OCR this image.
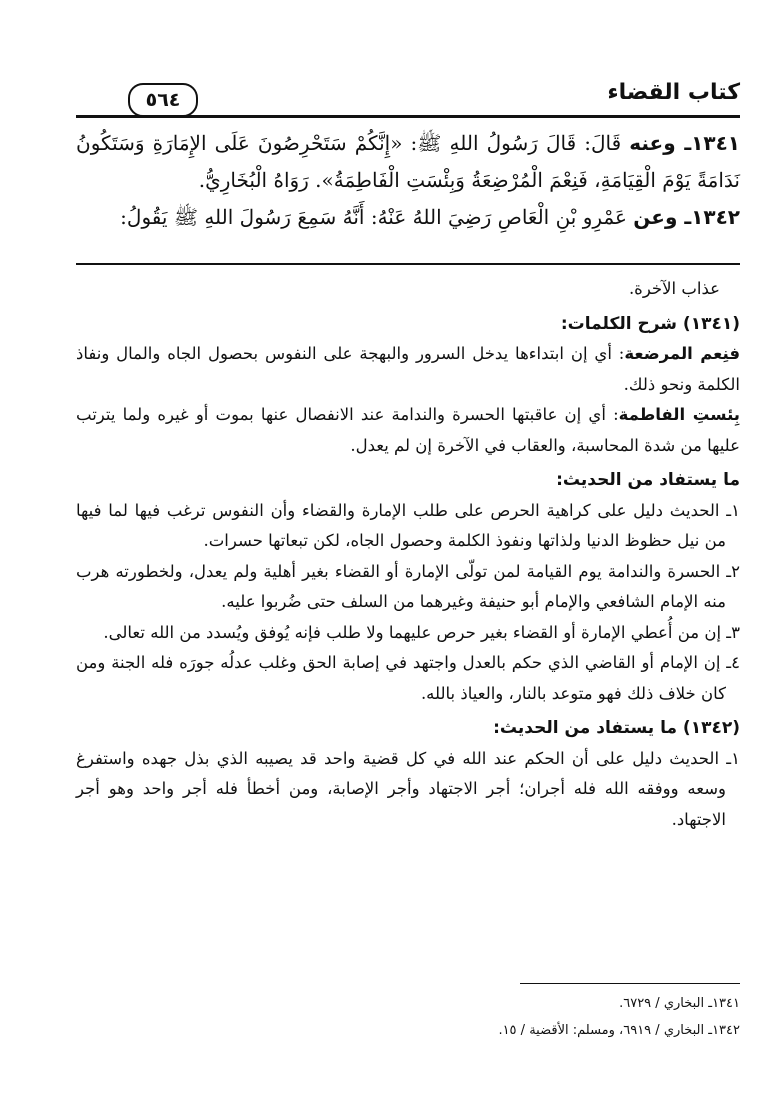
كتاب القضاء
٥٦٤

١٣٤١ـ وعنه قَالَ: قَالَ رَسُولُ اللهِ ﷺ: «إِنَّكُمْ سَتَحْرِصُونَ عَلَى الإِمَارَةِ وَسَتَكُونُ نَدَامَةً يَوْمَ الْقِيَامَةِ، فَنِعْمَ الْمُرْضِعَةُ وَبِئْسَتِ الْفَاطِمَةُ». رَوَاهُ الْبُخَارِيُّ.

١٣٤٢ـ وعن عَمْرِو بْنِ الْعَاصِ رَضِيَ اللهُ عَنْهُ: أَنَّهُ سَمِعَ رَسُولَ اللهِ ﷺ يَقُولُ:

عذاب الآخرة.

(١٣٤١) شرح الكلمات:

فنِعم المرضعة: أي إن ابتداءها يدخل السرور والبهجة على النفوس بحصول الجاه والمال ونفاذ الكلمة ونحو ذلك.

بِئستِ الفاطمة: أي إن عاقبتها الحسرة والندامة عند الانفصال عنها بموت أو غيره ولما يترتب عليها من شدة المحاسبة، والعقاب في الآخرة إن لم يعدل.

ما يستفاد من الحديث:

١ـ الحديث دليل على كراهية الحرص على طلب الإمارة والقضاء وأن النفوس ترغب فيها لما فيها من نيل حظوظ الدنيا ولذاتها ونفوذ الكلمة وحصول الجاه، لكن تبعاتها حسرات.

٢ـ الحسرة والندامة يوم القيامة لمن تولّى الإمارة أو القضاء بغير أهلية ولم يعدل، ولخطورته هرب منه الإمام الشافعي والإمام أبو حنيفة وغيرهما من السلف حتى ضُربوا عليه.

٣ـ إن من أُعطي الإمارة أو القضاء بغير حرص عليهما ولا طلب فإنه يُوفق ويُسدد من الله تعالى.

٤ـ إن الإمام أو القاضي الذي حكم بالعدل واجتهد في إصابة الحق وغلب عدلُه جورَه فله الجنة ومن كان خلاف ذلك فهو متوعد بالنار، والعياذ بالله.

(١٣٤٢) ما يستفاد من الحديث:

١ـ الحديث دليل على أن الحكم عند الله في كل قضية واحد قد يصيبه الذي بذل جهده واستفرغ وسعه ووفقه الله فله أجران؛ أجر الاجتهاد وأجر الإصابة، ومن أخطأ فله أجر واحد وهو أجر الاجتهاد.

١٣٤١ـ البخاري / ٦٧٢٩.

١٣٤٢ـ البخاري / ٦٩١٩، ومسلم: الأقضية / ١٥.
